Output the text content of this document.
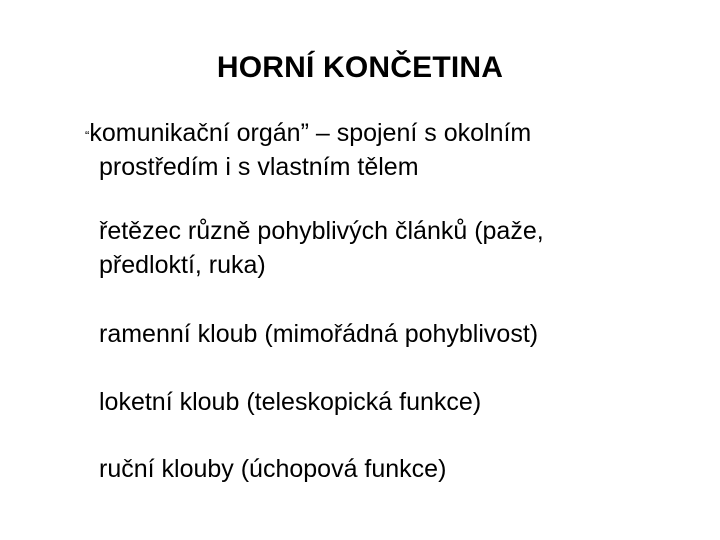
HORNÍ KONČETINA
“komunikační orgán” – spojení s okolním
prostředím i s vlastním tělem
řetězec různě pohyblivých článků (paže,
předloktí, ruka)
ramenní kloub (mimořádná pohyblivost)
loketní kloub (teleskopická funkce)
ruční klouby (úchopová funkce)
